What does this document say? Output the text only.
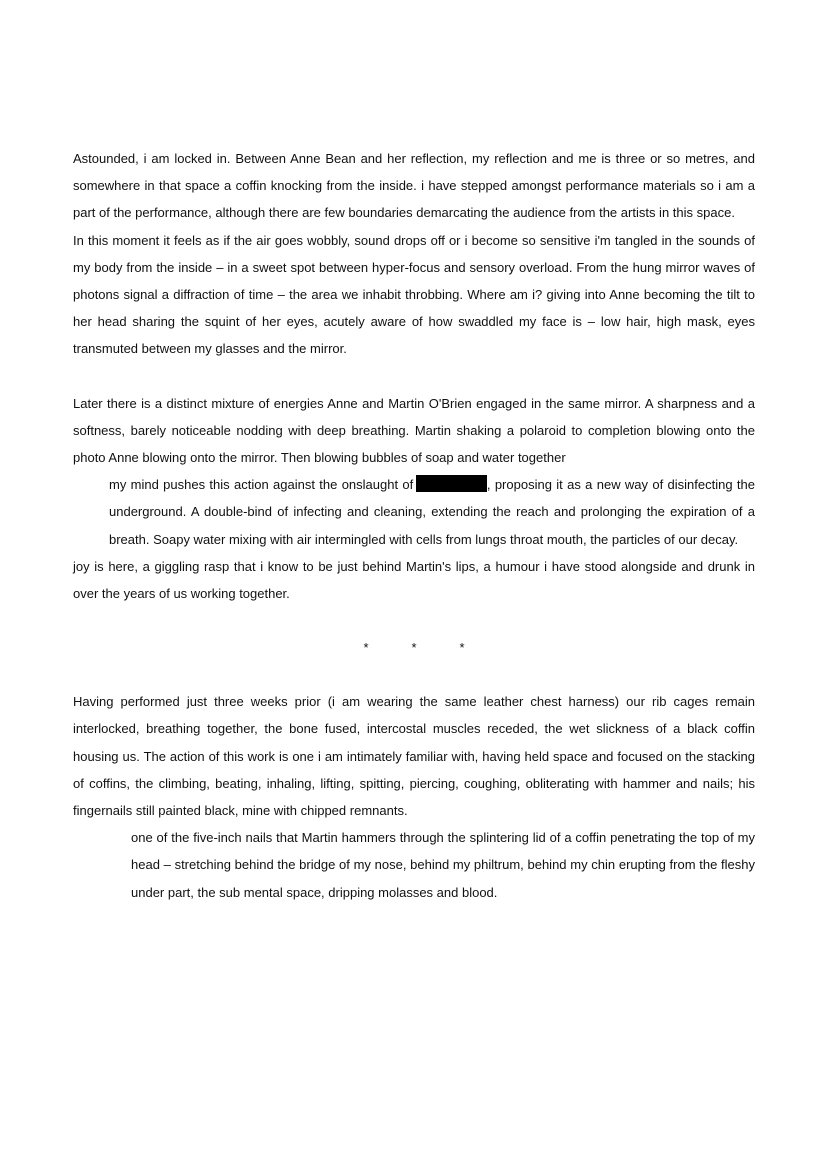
Astounded, i am locked in. Between Anne Bean and her reflection, my reflection and me is three or so metres, and somewhere in that space a coffin knocking from the inside. i have stepped amongst performance materials so i am a part of the performance, although there are few boundaries demarcating the audience from the artists in this space.

In this moment it feels as if the air goes wobbly, sound drops off or i become so sensitive i'm tangled in the sounds of my body from the inside – in a sweet spot between hyper-focus and sensory overload. From the hung mirror waves of photons signal a diffraction of time – the area we inhabit throbbing. Where am i? giving into Anne becoming the tilt to her head sharing the squint of her eyes, acutely aware of how swaddled my face is – low hair, high mask, eyes transmuted between my glasses and the mirror.

Later there is a distinct mixture of energies Anne and Martin O'Brien engaged in the same mirror. A sharpness and a softness, barely noticeable nodding with deep breathing. Martin shaking a polaroid to completion blowing onto the photo Anne blowing onto the mirror. Then blowing bubbles of soap and water together

my mind pushes this action against the onslaught of 	, proposing it as a new way of disinfecting the underground. A double-bind of infecting and cleaning, extending the reach and prolonging the expiration of a breath. Soapy water mixing with air intermingled with cells from lungs throat mouth, the particles of our decay.

joy is here, a giggling rasp that i know to be just behind Martin's lips, a humour i have stood alongside and drunk in over the years of us working together.

*	*	*

Having performed just three weeks prior (i am wearing the same leather chest harness) our rib cages remain interlocked, breathing together, the bone fused, intercostal muscles receded, the wet slickness of a black coffin housing us. The action of this work is one i am intimately familiar with, having held space and focused on the stacking of coffins, the climbing, beating, inhaling, lifting, spitting, piercing, coughing, obliterating with hammer and nails; his fingernails still painted black, mine with chipped remnants.

one of the five-inch nails that Martin hammers through the splintering lid of a coffin penetrating the top of my head – stretching behind the bridge of my nose, behind my philtrum, behind my chin erupting from the fleshy under part, the sub mental space, dripping molasses and blood.
